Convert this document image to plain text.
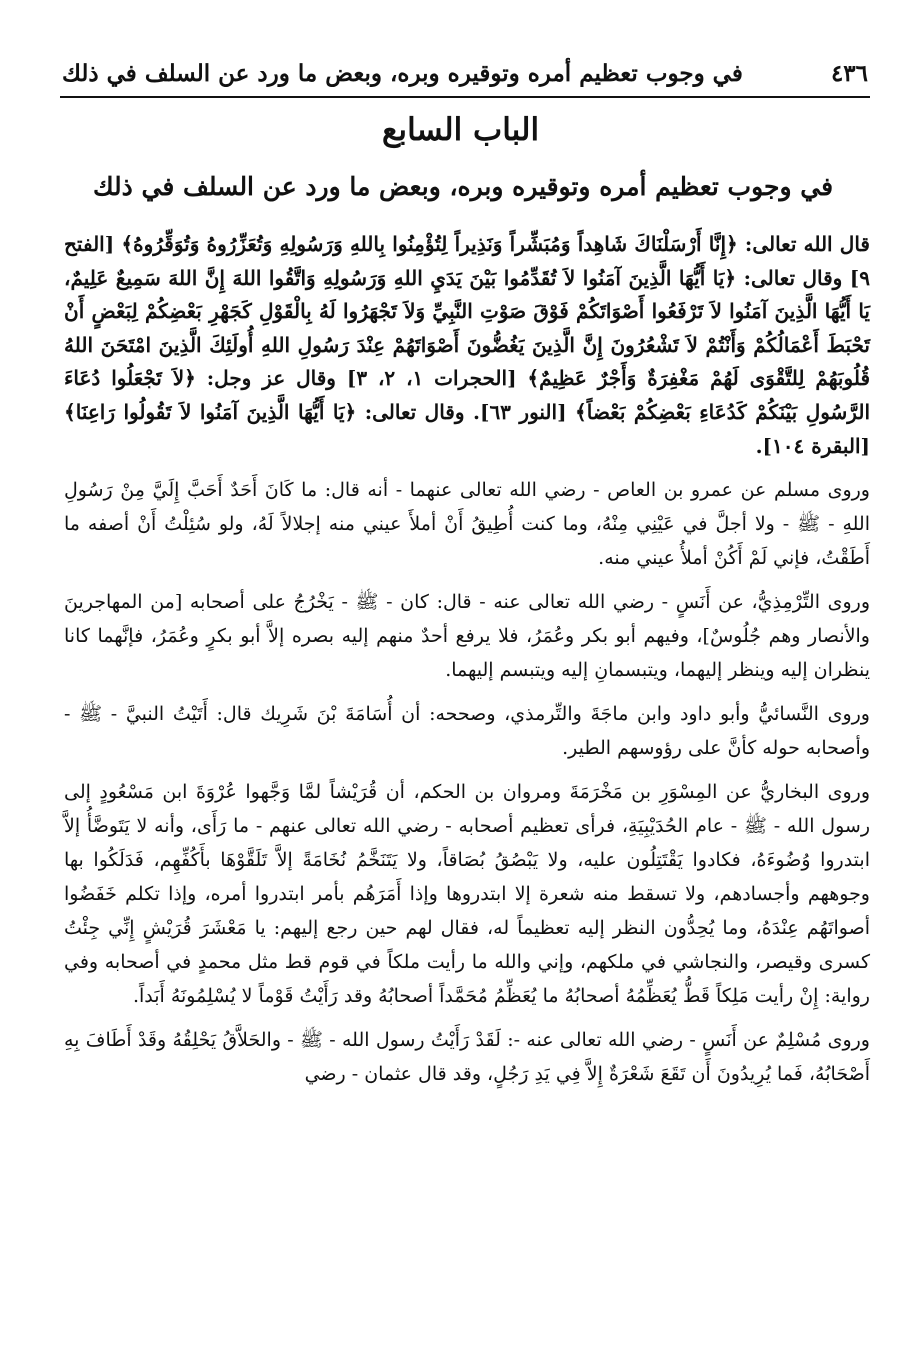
٤٣٦
في وجوب تعظيم أمره وتوقيره وبره، وبعض ما ورد عن السلف في ذلك
الباب السابع
في وجوب تعظيم أمره وتوقيره وبره، وبعض ما ورد عن السلف في ذلك

قال الله تعالى: ﴿إِنَّا أَرْسَلْنَاكَ شَاهِداً وَمُبَشِّراً وَنَذِيراً لِتُؤْمِنُوا بِاللهِ وَرَسُولِهِ وَتُعَزِّرُوهُ وَتُوَقِّرُوهُ﴾ [الفتح ٩] وقال تعالى: ﴿يَا أَيُّهَا الَّذِينَ آمَنُوا لاَ تُقَدِّمُوا بَيْنَ يَدَيِ اللهِ وَرَسُولِهِ وَاتَّقُوا اللهَ إِنَّ اللهَ سَمِيعٌ عَلِيمٌ، يَا أَيُّهَا الَّذِينَ آمَنُوا لاَ تَرْفَعُوا أَصْوَاتَكُمْ فَوْقَ صَوْتِ النَّبِيِّ وَلاَ تَجْهَرُوا لَهُ بِالْقَوْلِ كَجَهْرِ بَعْضِكُمْ لِبَعْضٍ أَنْ تَحْبَطَ أَعْمَالُكُمْ وَأَنْتُمْ لاَ تَشْعُرُونَ إِنَّ الَّذِينَ يَغُضُّونَ أَصْوَاتَهُمْ عِنْدَ رَسُولِ اللهِ أُولَئِكَ الَّذِينَ امْتَحَنَ اللهُ قُلُوبَهُمْ لِلتَّقْوَى لَهُمْ مَغْفِرَةٌ وَأَجْرٌ عَظِيمٌ﴾ [الحجرات ١، ٢، ٣] وقال عز وجل: ﴿لاَ تَجْعَلُوا دُعَاءَ الرَّسُولِ بَيْنَكُمْ كَدُعَاءِ بَعْضِكُمْ بَعْضاً﴾ [النور ٦٣]. وقال تعالى: ﴿يَا أَيُّهَا الَّذِينَ آمَنُوا لاَ تَقُولُوا رَاعِنَا﴾ [البقرة ١٠٤].

وروى مسلم عن عمرو بن العاص - رضي الله تعالى عنهما - أنه قال: ما كَانَ أَحَدٌ أَحَبَّ إِلَيَّ مِنْ رَسُولِ اللهِ - ﷺ - ولا أجلَّ في عَيْنِي مِنْهُ، وما كنت أُطِيقُ أَنْ أملأَ عيني منه إجلالاً لَهُ، ولو سُئِلْتُ أَنْ أصفه ما أَطَقْتُ، فإني لَمْ أَكُنْ أملأُ عيني منه.

وروى التِّرْمِذِيُّ، عن أَنَسٍ - رضي الله تعالى عنه - قال: كان - ﷺ - يَخْرُجُ على أصحابه [من المهاجرينَ والأنصار وهم جُلُوسٌ]، وفيهم أبو بكر وعُمَرُ، فلا يرفع أحدٌ منهم إليه بصره إلاَّ أبو بكرٍ وعُمَرُ، فإنَّهما كانا ينظران إليه وينظر إليهما، ويتبسمانِ إليه ويتبسم إليهما.

وروى النَّسائيُّ وأبو داود وابن ماجَةَ والتِّرمذي، وصححه: أن أُسَامَةَ بْنَ شَرِيك قال: أَتَيْتُ النبيَّ - ﷺ - وأصحابه حوله كأنَّ على رؤوسهم الطير.

وروى البخاريُّ عن المِسْوَرِ بن مَخْرَمَةَ ومروان بن الحكم، أن قُرَيْشاً لمَّا وَجَّهوا عُرْوَةَ ابن مَسْعُودٍ إلى رسول الله - ﷺ - عام الحُدَيْبِيَةِ، فرأى تعظيم أصحابه - رضي الله تعالى عنهم - ما رَأَى، وأنه لا يَتَوضَّأُ إلاَّ ابتدروا وُضُوءَهُ، فكادوا يَقْتَتِلُون عليه، ولا يَبْصُقُ بُصَاقاً، ولا يَتَنَخَّمُ نُخَامَةً إلاَّ تَلَقَّوْهَا بأَكُفِّهِم، فَدَلَكُوا بها وجوههم وأجسادهم، ولا تسقط منه شعرة إلا ابتدروها وإذا أَمَرَهُم بأمر ابتدروا أمره، وإذا تكلم خَفَضُوا أصواتَهُم عِنْدَهُ، وما يُحِدُّون النظر إليه تعظيماً له، فقال لهم حين رجع إليهم: يا مَعْشَرَ قُرَيْشٍ إِنِّي جِئْتُ كسرى وقيصر، والنجاشي في ملكهم، وإني والله ما رأيت ملكاً في قوم قط مثل محمدٍ في أصحابه وفي رواية: إِنْ رأيت مَلِكاً قَطُّ يُعَظِّمُهُ أصحابُهُ ما يُعَظِّمُ مُحَمَّداً أصحابُهُ وقد رَأَيْتُ قَوْماً لا يُسْلِمُونَهُ أَبَداً.

وروى مُسْلِمٌ عن أَنَسٍ - رضي الله تعالى عنه -: لَقَدْ رَأَيْتُ رسول الله - ﷺ - والحَلاَّقُ يَحْلِقُهُ وقَدْ أَطَافَ بِهِ أَصْحَابُهُ، فَما يُرِيدُونَ أَن تَقَعَ شَعْرَةٌ إِلاَّ فِي يَدِ رَجُلٍ، وقد قال عثمان - رضي
